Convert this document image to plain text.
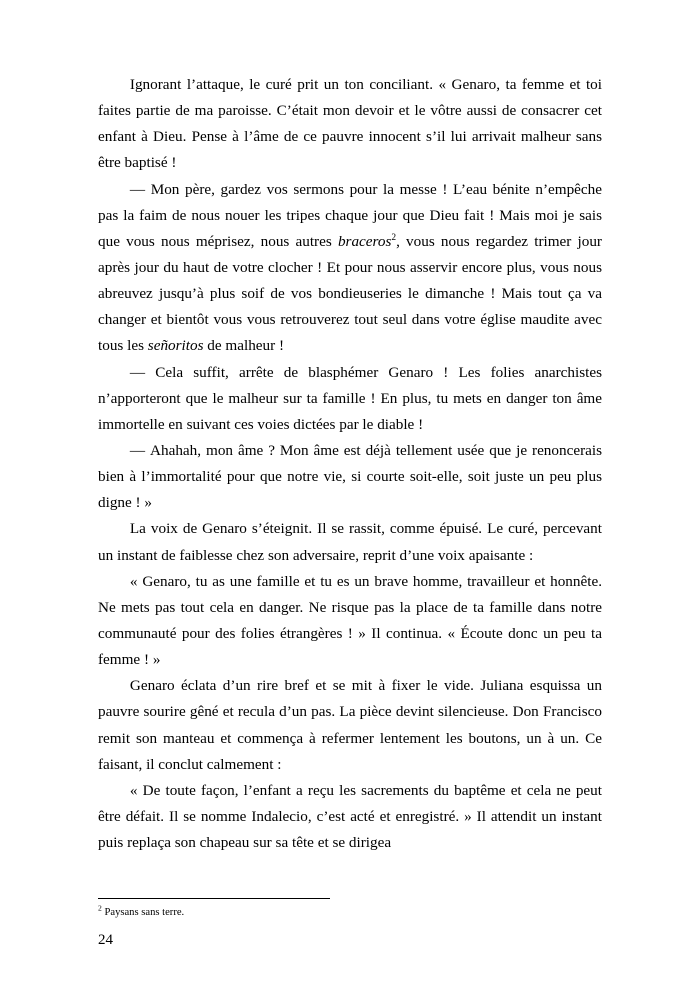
Ignorant l’attaque, le curé prit un ton conciliant. « Genaro, ta femme et toi faites partie de ma paroisse. C’était mon devoir et le vôtre aussi de consacrer cet enfant à Dieu. Pense à l’âme de ce pauvre innocent s’il lui arrivait malheur sans être baptisé !

— Mon père, gardez vos sermons pour la messe ! L’eau bénite n’empêche pas la faim de nous nouer les tripes chaque jour que Dieu fait ! Mais moi je sais que vous nous méprisez, nous autres braceros$^2$, vous nous regardez trimer jour après jour du haut de votre clocher ! Et pour nous asservir encore plus, vous nous abreuvez jusqu’à plus soif de vos bondieuseries le dimanche ! Mais tout ça va changer et bientôt vous vous retrouverez tout seul dans votre église maudite avec tous les señoritos de malheur !

— Cela suffit, arrête de blasphémer Genaro ! Les folies anarchistes n’apporteront que le malheur sur ta famille ! En plus, tu mets en danger ton âme immortelle en suivant ces voies dictées par le diable !

— Ahahah, mon âme ? Mon âme est déjà tellement usée que je renoncerais bien à l’immortalité pour que notre vie, si courte soit-elle, soit juste un peu plus digne ! »

La voix de Genaro s’éteignit. Il se rassit, comme épuisé. Le curé, percevant un instant de faiblesse chez son adversaire, reprit d’une voix apaisante :

« Genaro, tu as une famille et tu es un brave homme, travailleur et honnête. Ne mets pas tout cela en danger. Ne risque pas la place de ta famille dans notre communauté pour des folies étrangères ! » Il continua. « Écoute donc un peu ta femme ! »

Genaro éclata d’un rire bref et se mit à fixer le vide. Juliana esquissa un pauvre sourire gêné et recula d’un pas. La pièce devint silencieuse. Don Francisco remit son manteau et commença à refermer lentement les boutons, un à un. Ce faisant, il conclut calmement :

« De toute façon, l’enfant a reçu les sacrements du baptême et cela ne peut être défait. Il se nomme Indalecio, c’est acté et enregistré. » Il attendit un instant puis replaça son chapeau sur sa tête et se dirigea

$^2$ Paysans sans terre.

24
